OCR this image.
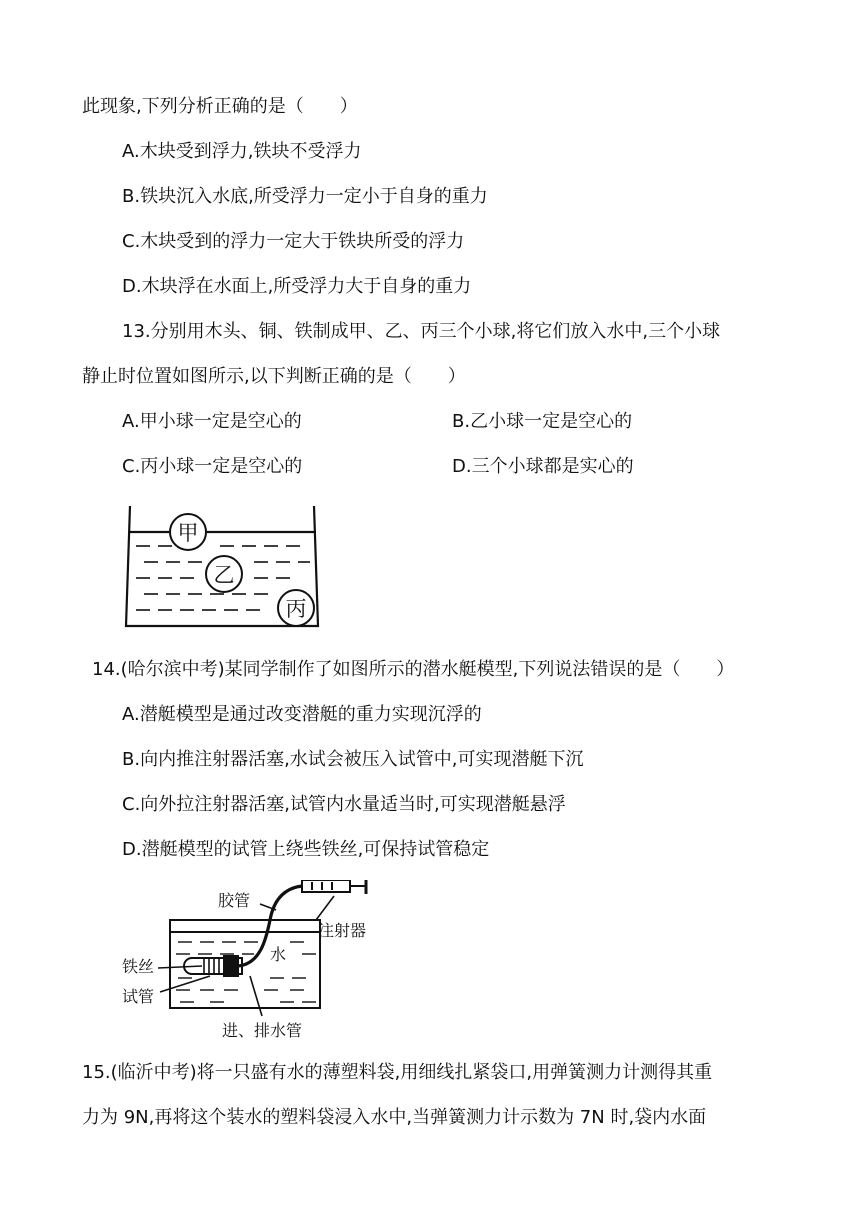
此现象,下列分析正确的是（　　）
A.木块受到浮力,铁块不受浮力
B.铁块沉入水底,所受浮力一定小于自身的重力
C.木块受到的浮力一定大于铁块所受的浮力
D.木块浮在水面上,所受浮力大于自身的重力
13.分别用木头、铜、铁制成甲、乙、丙三个小球,将它们放入水中,三个小球
静止时位置如图所示,以下判断正确的是（　　）
A.甲小球一定是空心的	B.乙小球一定是空心的
C.丙小球一定是空心的	D.三个小球都是实心的
甲
乙
丙
14.(哈尔滨中考)某同学制作了如图所示的潜水艇模型,下列说法错误的是（　　）
A.潜艇模型是通过改变潜艇的重力实现沉浮的
B.向内推注射器活塞,水试会被压入试管中,可实现潜艇下沉
C.向外拉注射器活塞,试管内水量适当时,可实现潜艇悬浮
D.潜艇模型的试管上绕些铁丝,可保持试管稳定
胶管
注射器
水
铁丝
试管
进、排水管
15.(临沂中考)将一只盛有水的薄塑料袋,用细线扎紧袋口,用弹簧测力计测得其重
力为 9N,再将这个装水的塑料袋浸入水中,当弹簧测力计示数为 7N 时,袋内水面
